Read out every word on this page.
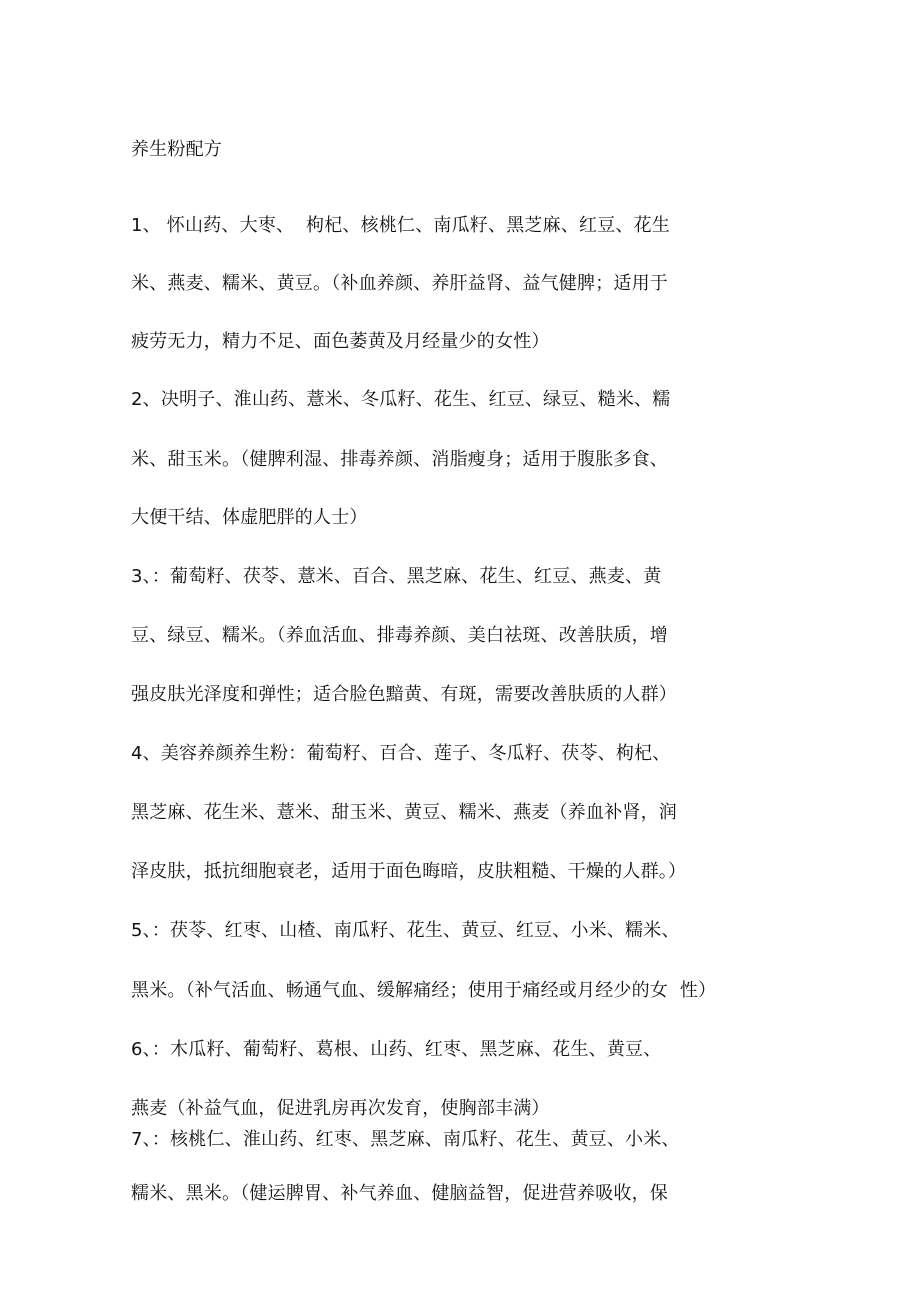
养生粉配方
1、 怀山药、大枣、  枸杞、核桃仁、南瓜籽、黑芝麻、红豆、花生
米、燕麦、糯米、黄豆。（补血养颜、养肝益肾、益气健脾；适用于
疲劳无力，精力不足、面色萎黄及月经量少的女性）
2、决明子、淮山药、薏米、冬瓜籽、花生、红豆、绿豆、糙米、糯
米、甜玉米。（健脾利湿、排毒养颜、消脂瘦身；适用于腹胀多食、
大便干结、体虚肥胖的人士）
3、：葡萄籽、茯苓、薏米、百合、黑芝麻、花生、红豆、燕麦、黄
豆、绿豆、糯米。（养血活血、排毒养颜、美白祛斑、改善肤质，增
强皮肤光泽度和弹性；适合脸色黯黄、有斑，需要改善肤质的人群）
4、美容养颜养生粉：葡萄籽、百合、莲子、冬瓜籽、茯苓、枸杞、
黑芝麻、花生米、薏米、甜玉米、黄豆、糯米、燕麦（养血补肾，润
泽皮肤，抵抗细胞衰老，适用于面色晦暗，皮肤粗糙、干燥的人群。）
5、：茯苓、红枣、山楂、南瓜籽、花生、黄豆、红豆、小米、糯米、
黑米。（补气活血、畅通气血、缓解痛经；使用于痛经或月经少的女  性）
6、：木瓜籽、葡萄籽、葛根、山药、红枣、黑芝麻、花生、黄豆、
燕麦（补益气血，促进乳房再次发育，使胸部丰满）
7、：核桃仁、淮山药、红枣、黑芝麻、南瓜籽、花生、黄豆、小米、
糯米、黑米。（健运脾胃、补气养血、健脑益智，促进营养吸收，保
